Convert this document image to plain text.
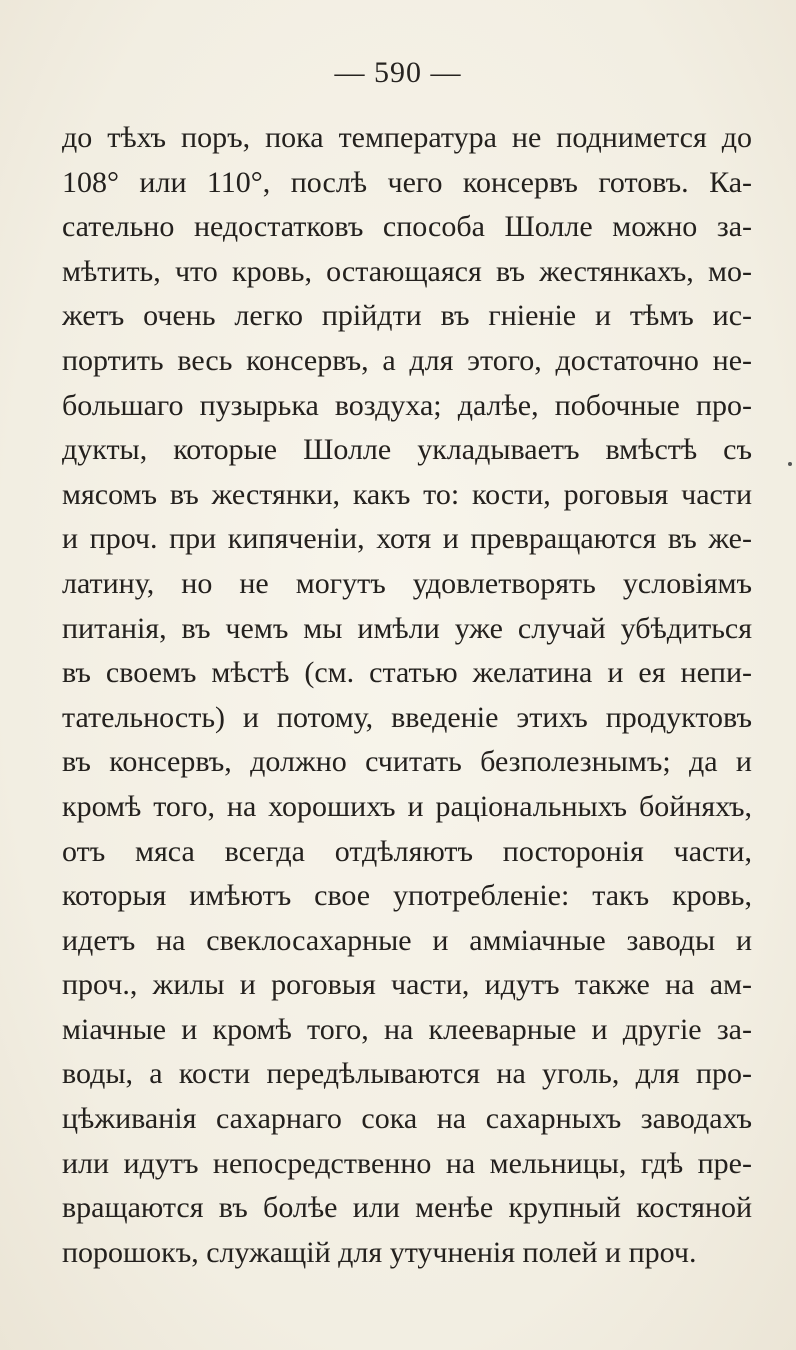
— 590 —
до тѣхъ поръ, пока температура не поднимется до
108° или 110°, послѣ чего консервъ готовъ. Ка-
сательно недостатковъ способа Шолле можно за-
мѣтить, что кровь, остающаяся въ жестянкахъ, мо-
жетъ очень легко прійдти въ гніеніе и тѣмъ ис-
портить весь консервъ, а для этого, достаточно не-
большаго пузырька воздуха; далѣе, побочные про-
дукты, которые Шолле укладываетъ вмѣстѣ съ
мясомъ въ жестянки, какъ то: кости, роговыя части
и проч. при кипяченіи, хотя и превращаются въ же-
латину, но не могутъ удовлетворять условіямъ
питанія, въ чемъ мы имѣли уже случай убѣдиться
въ своемъ мѣстѣ (см. статью желатина и ея непи-
тательность) и потому, введеніе этихъ продуктовъ
въ консервъ, должно считать безполезнымъ; да и
кромѣ того, на хорошихъ и раціональныхъ бойняхъ,
отъ мяса всегда отдѣляютъ посторонія части,
которыя имѣютъ свое употребленіе: такъ кровь,
идетъ на свеклосахарные и аммiачные заводы и
проч., жилы и роговыя части, идутъ также на ам-
міачные и кромѣ того, на клееварные и другіе за-
воды, а кости передѣлываются на уголь, для про-
цѣживанія сахарнаго сока на сахарныхъ заводахъ
или идутъ непосредственно на мельницы, гдѣ пре-
вращаются въ болѣе или менѣе крупный костяной
порошокъ, служащій для утучненія полей и проч.
